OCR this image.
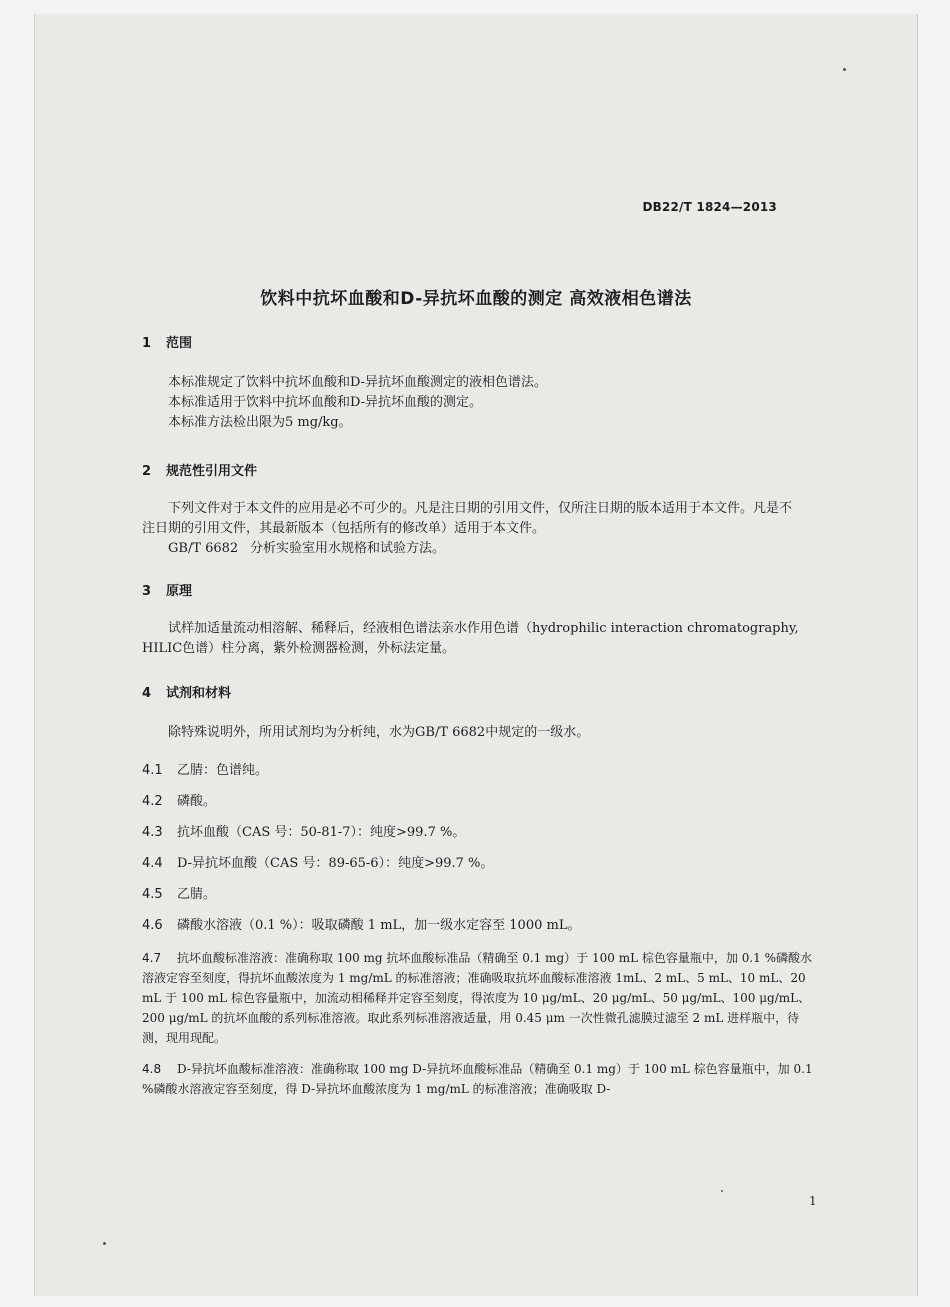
DB22/T 1824—2013
饮料中抗坏血酸和D-异抗坏血酸的测定 高效液相色谱法
1 范围

本标准规定了饮料中抗坏血酸和D-异抗坏血酸测定的液相色谱法。

本标准适用于饮料中抗坏血酸和D-异抗坏血酸的测定。

本标准方法检出限为5 mg/kg。

2 规范性引用文件

下列文件对于本文件的应用是必不可少的。凡是注日期的引用文件，仅所注日期的版本适用于本文件。凡是不注日期的引用文件，其最新版本（包括所有的修改单）适用于本文件。

GB/T 6682 分析实验室用水规格和试验方法。

3 原理

试样加适量流动相溶解、稀释后，经液相色谱法亲水作用色谱（hydrophilic interaction chromatography, HILIC色谱）柱分离，紫外检测器检测，外标法定量。

4 试剂和材料

除特殊说明外，所用试剂均为分析纯，水为GB/T 6682中规定的一级水。

4.1 乙腈：色谱纯。
4.2 磷酸。
4.3 抗坏血酸（CAS 号：50-81-7）：纯度>99.7 %。
4.4 D-异抗坏血酸（CAS 号：89-65-6）：纯度>99.7 %。
4.5 乙腈。
4.6 磷酸水溶液（0.1 %）：吸取磷酸 1 mL，加一级水定容至 1000 mL。

4.7 抗坏血酸标准溶液：准确称取 100 mg 抗坏血酸标准品（精确至 0.1 mg）于 100 mL 棕色容量瓶中，加 0.1 %磷酸水溶液定容至刻度，得抗坏血酸浓度为 1 mg/mL 的标准溶液；准确吸取抗坏血酸标准溶液 1mL、2 mL、5 mL、10 mL、20 mL 于 100 mL 棕色容量瓶中，加流动相稀释并定容至刻度，得浓度为 10 μg/mL、20 μg/mL、50 μg/mL、100 μg/mL、200 μg/mL 的抗坏血酸的系列标准溶液。取此系列标准溶液适量，用 0.45 μm 一次性微孔滤膜过滤至 2 mL 进样瓶中，待测，现用现配。

4.8 D-异抗坏血酸标准溶液：准确称取 100 mg D-异抗坏血酸标准品（精确至 0.1 mg）于 100 mL 棕色容量瓶中，加 0.1 %磷酸水溶液定容至刻度，得 D-异抗坏血酸浓度为 1 mg/mL 的标准溶液；准确吸取 D-

1
